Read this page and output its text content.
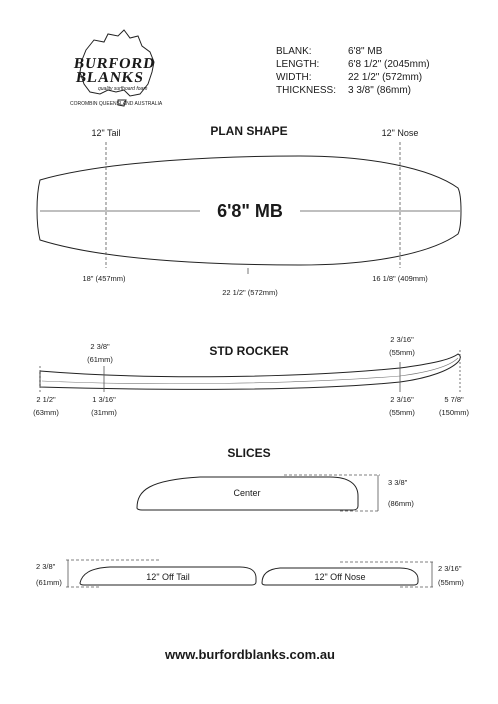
BURFORD
BLANKS
quality surfboard foam
COROMBIN QUEENSLAND AUSTRALIA
BLANK:	6'8" MB
LENGTH:	6'8 1/2" (2045mm)
WIDTH:	22 1/2" (572mm)
THICKNESS: 3 3/8" (86mm)
PLAN SHAPE
12" Tail	12" Nose
6'8" MB
18" (457mm)	16 1/8" (409mm)
22 1/2" (572mm)
STD ROCKER
2 3/8"
(61mm)
2 3/16"
(55mm)
2 1/2"
(63mm)
1 3/16"
(31mm)
2 3/16"
(55mm)
5 7/8"
(150mm)
SLICES
Center
3 3/8"
(86mm)
12" Off Tail	12" Off Nose
2 3/8"
(61mm)
2 3/16"
(55mm)
www.burfordblanks.com.au
